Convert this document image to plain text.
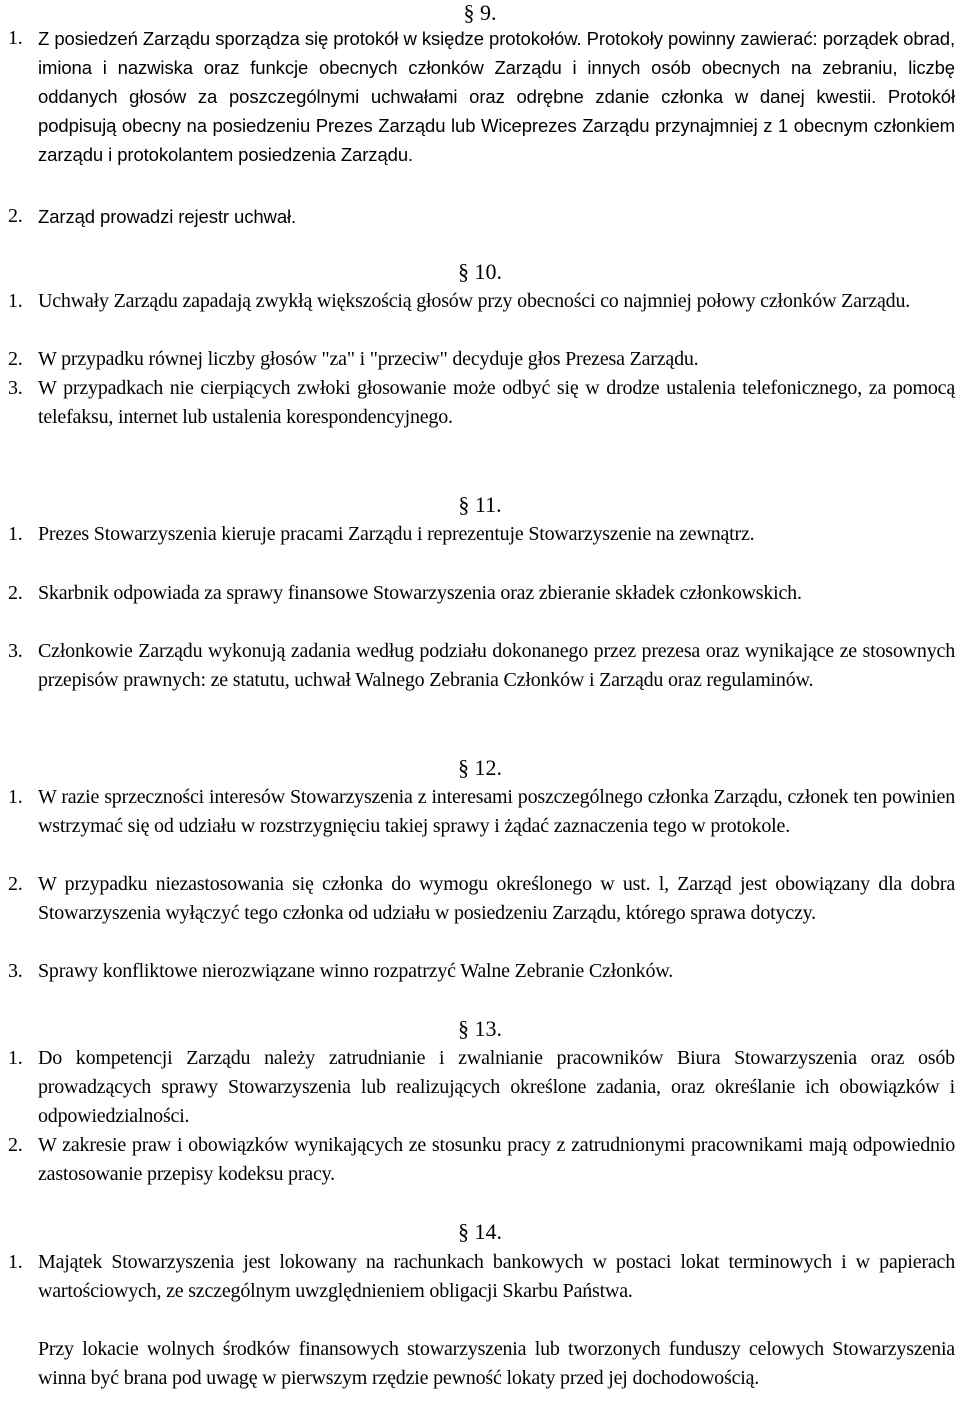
§ 9.
1. Z posiedzeń Zarządu sporządza się protokół w księdze protokołów. Protokoły powinny zawierać: porządek obrad, imiona i nazwiska oraz funkcje obecnych członków Zarządu i innych osób obecnych na zebraniu, liczbę oddanych głosów za poszczególnymi uchwałami oraz odrębne zdanie członka w danej kwestii. Protokół podpisują obecny na posiedzeniu Prezes Zarządu lub Wiceprezes Zarządu przynajmniej z 1 obecnym członkiem zarządu i protokolantem posiedzenia Zarządu.
2. Zarząd prowadzi rejestr uchwał.
§ 10.
1. Uchwały Zarządu zapadają zwykłą większością głosów przy obecności co najmniej połowy członków Zarządu.
2. W przypadku równej liczby głosów "za" i "przeciw" decyduje głos Prezesa Zarządu.
3. W przypadkach nie cierpiących zwłoki głosowanie może odbyć się w drodze ustalenia telefonicznego, za pomocą telefaksu, internet lub ustalenia korespondencyjnego.
§ 11.
1. Prezes Stowarzyszenia kieruje pracami Zarządu i reprezentuje Stowarzyszenie na zewnątrz.
2. Skarbnik odpowiada za sprawy finansowe Stowarzyszenia oraz zbieranie składek członkowskich.
3. Członkowie Zarządu wykonują zadania według podziału dokonanego przez prezesa oraz wynikające ze stosownych przepisów prawnych: ze statutu, uchwał Walnego Zebrania Członków i Zarządu oraz regulaminów.
§ 12.
1. W razie sprzeczności interesów Stowarzyszenia z interesami poszczególnego członka Zarządu, członek ten powinien wstrzymać się od udziału w rozstrzygnięciu takiej sprawy i żądać zaznaczenia tego w protokole.
2. W przypadku niezastosowania się członka do wymogu określonego w ust. l, Zarząd jest obowiązany dla dobra Stowarzyszenia wyłączyć tego członka od udziału w posiedzeniu Zarządu, którego sprawa dotyczy.
3. Sprawy konfliktowe nierozwiązane winno rozpatrzyć Walne Zebranie Członków.
§ 13.
1. Do kompetencji Zarządu należy zatrudnianie i zwalnianie pracowników Biura Stowarzyszenia oraz osób prowadzących sprawy Stowarzyszenia lub realizujących określone zadania, oraz określanie ich obowiązków i odpowiedzialności.
2. W zakresie praw i obowiązków wynikających ze stosunku pracy z zatrudnionymi pracownikami mają odpowiednio zastosowanie przepisy kodeksu pracy.
§ 14.
1. Majątek Stowarzyszenia jest lokowany na rachunkach bankowych w postaci lokat terminowych i w papierach wartościowych, ze szczególnym uwzględnieniem obligacji Skarbu Państwa.
Przy lokacie wolnych środków finansowych stowarzyszenia lub tworzonych funduszy celowych Stowarzyszenia winna być brana pod uwagę w pierwszym rzędzie pewność lokaty przed jej dochodowością.
